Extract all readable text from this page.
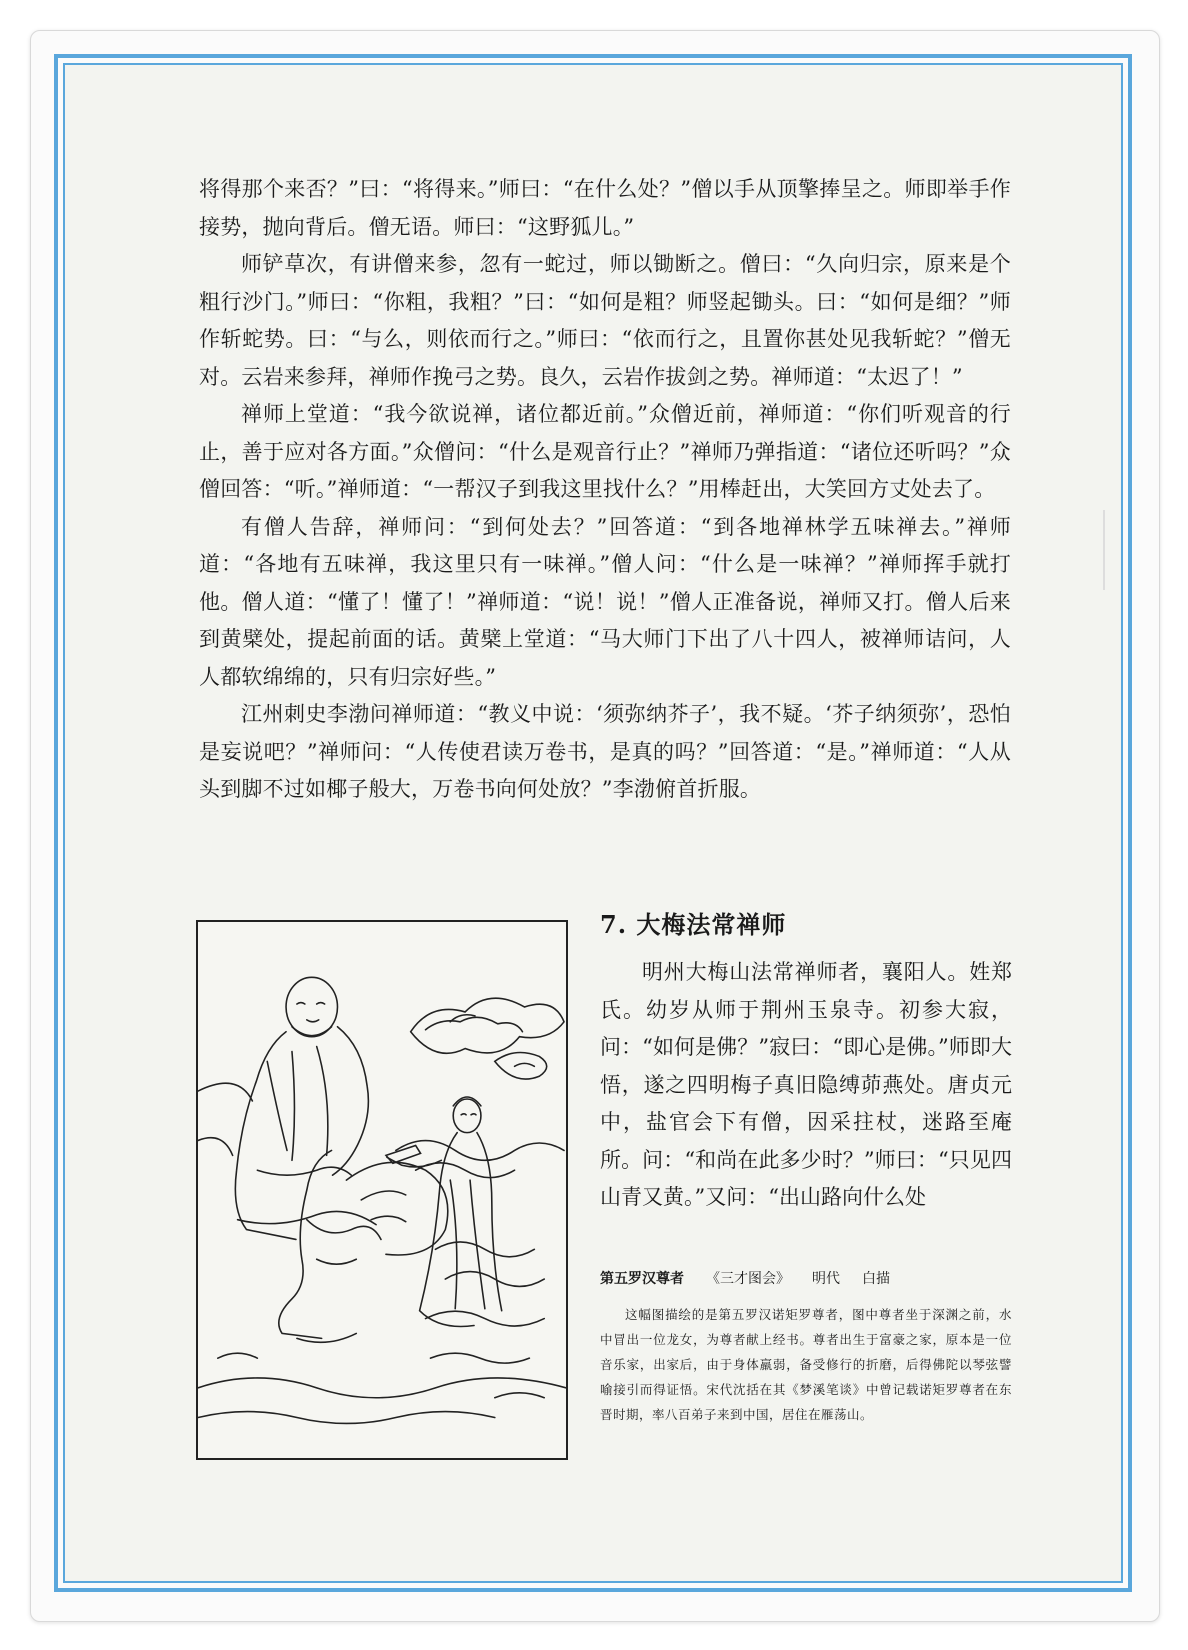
将得那个来否？”曰：“将得来。”师曰：“在什么处？”僧以手从顶擎捧呈之。师即举手作接势，抛向背后。僧无语。师曰：“这野狐儿。”

师铲草次，有讲僧来参，忽有一蛇过，师以锄断之。僧曰：“久向归宗，原来是个粗行沙门。”师曰：“你粗，我粗？”曰：“如何是粗？师竖起锄头。曰：“如何是细？”师作斩蛇势。曰：“与么，则依而行之。”师曰：“依而行之，且置你甚处见我斩蛇？”僧无对。云岩来参拜，禅师作挽弓之势。良久，云岩作拔剑之势。禅师道：“太迟了！”

禅师上堂道：“我今欲说禅，诸位都近前。”众僧近前，禅师道：“你们听观音的行止，善于应对各方面。”众僧问：“什么是观音行止？”禅师乃弹指道：“诸位还听吗？”众僧回答：“听。”禅师道：“一帮汉子到我这里找什么？”用棒赶出，大笑回方丈处去了。

有僧人告辞，禅师问：“到何处去？”回答道：“到各地禅林学五味禅去。”禅师道：“各地有五味禅，我这里只有一味禅。”僧人问：“什么是一味禅？”禅师挥手就打他。僧人道：“懂了！懂了！”禅师道：“说！说！”僧人正准备说，禅师又打。僧人后来到黄檗处，提起前面的话。黄檗上堂道：“马大师门下出了八十四人，被禅师诘问，人人都软绵绵的，只有归宗好些。”

江州刺史李渤问禅师道：“教义中说：‘须弥纳芥子’，我不疑。‘芥子纳须弥’，恐怕是妄说吧？”禅师问：“人传使君读万卷书，是真的吗？”回答道：“是。”禅师道：“人从头到脚不过如椰子般大，万卷书向何处放？”李渤俯首折服。

7. 大梅法常禅师

明州大梅山法常禅师者，襄阳人。姓郑氏。幼岁从师于荆州玉泉寺。初参大寂，问：“如何是佛？”寂曰：“即心是佛。”师即大悟，遂之四明梅子真旧隐缚茆燕处。唐贞元中，盐官会下有僧，因采拄杖，迷路至庵所。问：“和尚在此多少时？”师曰：“只见四山青又黄。”又问：“出山路向什么处

第五罗汉尊者 《三才图会》 明代 白描
这幅图描绘的是第五罗汉诺矩罗尊者，图中尊者坐于深渊之前，水中冒出一位龙女，为尊者献上经书。尊者出生于富豪之家，原本是一位音乐家，出家后，由于身体羸弱，备受修行的折磨，后得佛陀以琴弦譬喻接引而得证悟。宋代沈括在其《梦溪笔谈》中曾记载诺矩罗尊者在东晋时期，率八百弟子来到中国，居住在雁荡山。
